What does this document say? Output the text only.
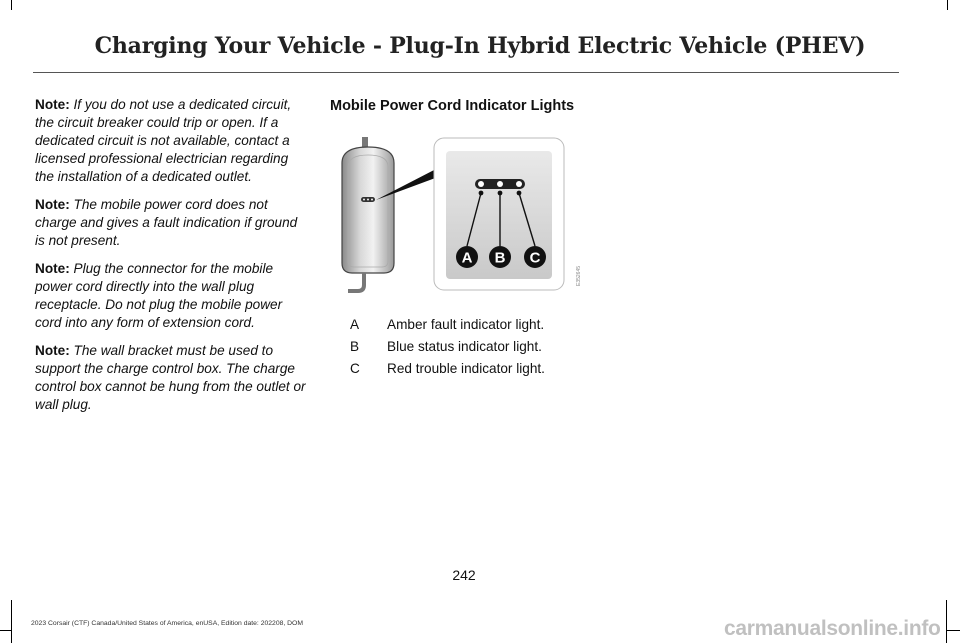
Charging Your Vehicle - Plug-In Hybrid Electric Vehicle (PHEV)

Note: If you do not use a dedicated circuit, the circuit breaker could trip or open. If a dedicated circuit is not available, contact a licensed professional electrician regarding the installation of a dedicated outlet.

Note: The mobile power cord does not charge and gives a fault indication if ground is not present.

Note: Plug the connector for the mobile power cord directly into the wall plug receptacle. Do not plug the mobile power cord into any form of extension cord.

Note: The wall bracket must be used to support the charge control box. The charge control box cannot be hung from the outlet or wall plug.

Mobile Power Cord Indicator Lights
A B C
E352645
A	Amber fault indicator light.
B	Blue status indicator light.
C	Red trouble indicator light.
242
2023 Corsair (CTF) Canada/United States of America, enUSA, Edition date: 202208, DOM	carmanualsonline.info
